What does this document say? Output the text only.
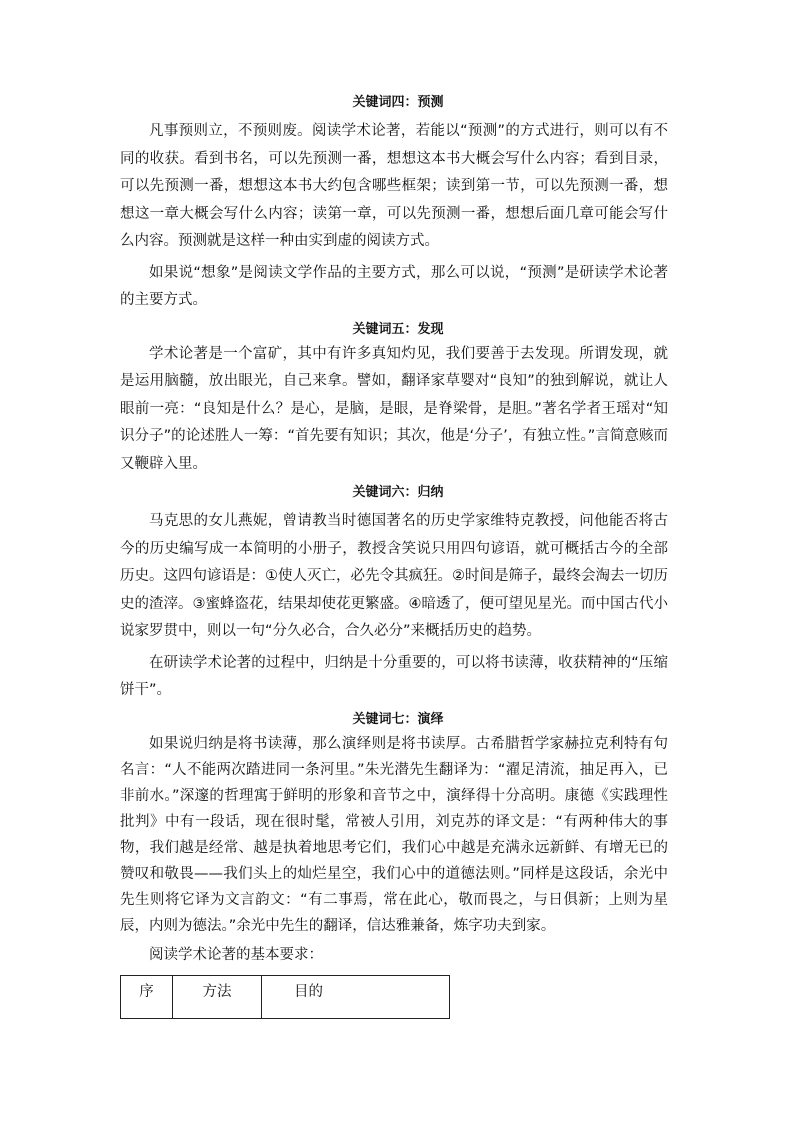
关键词四：预测

凡事预则立，不预则废。阅读学术论著，若能以“预测”的方式进行，则可以有不同的收获。看到书名，可以先预测一番，想想这本书大概会写什么内容；看到目录，可以先预测一番，想想这本书大约包含哪些框架；读到第一节，可以先预测一番，想想这一章大概会写什么内容；读第一章，可以先预测一番，想想后面几章可能会写什么内容。预测就是这样一种由实到虚的阅读方式。

如果说“想象”是阅读文学作品的主要方式，那么可以说，“预测”是研读学术论著的主要方式。

关键词五：发现

学术论著是一个富矿，其中有许多真知灼见，我们要善于去发现。所谓发现，就是运用脑髓，放出眼光，自己来拿。譬如，翻译家草婴对“良知”的独到解说，就让人眼前一亮：“良知是什么？是心，是脑，是眼，是脊梁骨，是胆。”著名学者王瑶对“知识分子”的论述胜人一筹：“首先要有知识；其次，他是‘分子’，有独立性。”言简意赅而又鞭辟入里。

关键词六：归纳

马克思的女儿燕妮，曾请教当时德国著名的历史学家维特克教授，问他能否将古今的历史编写成一本简明的小册子，教授含笑说只用四句谚语，就可概括古今的全部历史。这四句谚语是：①使人灭亡，必先令其疯狂。②时间是筛子，最终会淘去一切历史的渣滓。③蜜蜂盗花，结果却使花更繁盛。④暗透了，便可望见星光。而中国古代小说家罗贯中，则以一句“分久必合，合久必分”来概括历史的趋势。

在研读学术论著的过程中，归纳是十分重要的，可以将书读薄，收获精神的“压缩饼干”。

关键词七：演绎

如果说归纳是将书读薄，那么演绎则是将书读厚。古希腊哲学家赫拉克利特有句名言：“人不能两次踏进同一条河里。”朱光潜先生翻译为：“濯足清流，抽足再入，已非前水。”深邃的哲理寓于鲜明的形象和音节之中，演绎得十分高明。康德《实践理性批判》中有一段话，现在很时髦，常被人引用，刘克苏的译文是：“有两种伟大的事物，我们越是经常、越是执着地思考它们，我们心中越是充满永远新鲜、有增无已的赞叹和敬畏——我们头上的灿烂星空，我们心中的道德法则。”同样是这段话，余光中先生则将它译为文言韵文：“有二事焉，常在此心，敬而畏之，与日俱新；上则为星辰，内则为德法。”余光中先生的翻译，信达雅兼备，炼字功夫到家。

阅读学术论著的基本要求：

序	方法	目的
